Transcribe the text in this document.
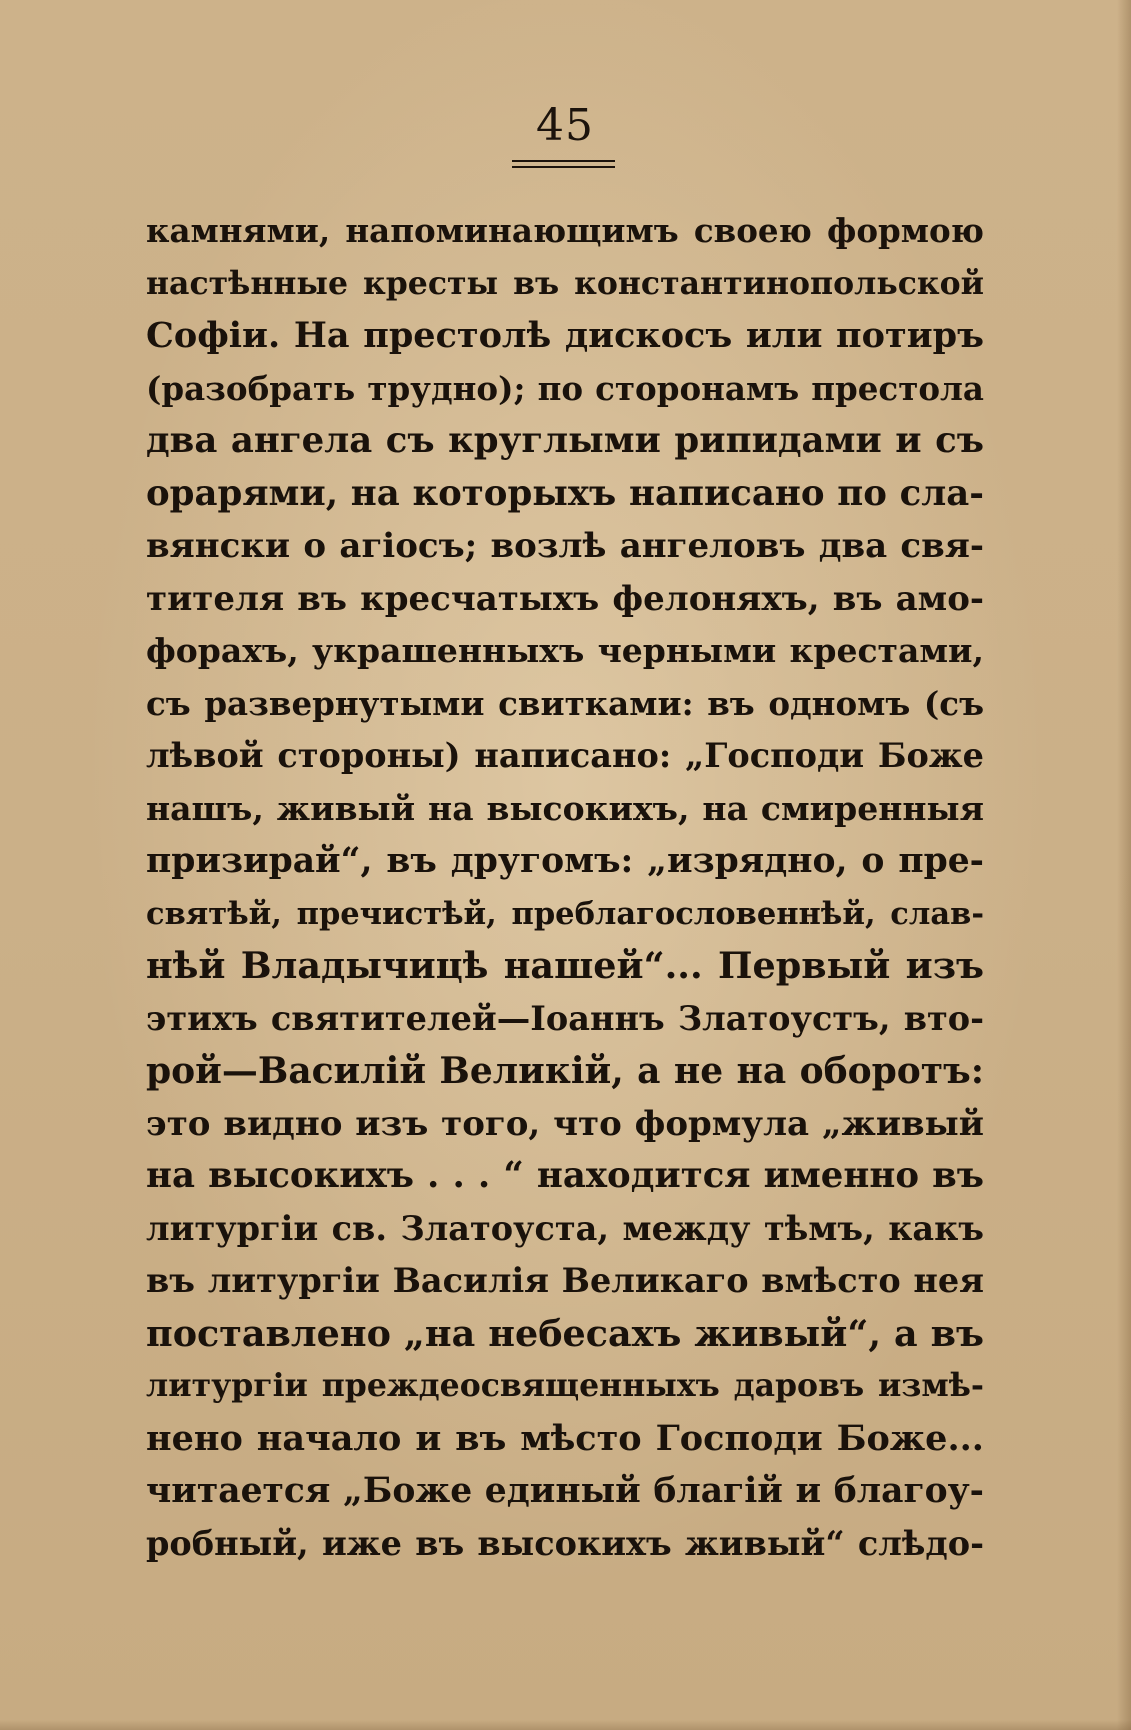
45
камнями, напоминающимъ своею формою
настѣнные кресты въ константинопольской
Софіи. На престолѣ дискосъ или потиръ
(разобрать трудно); по сторонамъ престола
два ангела съ круглыми рипидами и съ
орарями, на которыхъ написано по сла-
вянски о агіосъ; возлѣ ангеловъ два свя-
тителя въ кресчатыхъ фелоняхъ, въ амо-
форахъ, украшенныхъ черными крестами,
съ развернутыми свитками: въ одномъ (съ
лѣвой стороны) написано: „Господи Боже
нашъ, живый на высокихъ, на смиренныя
призирай“, въ другомъ: „изрядно, о пре-
святѣй, пречистѣй, преблагословеннѣй, слав-
нѣй Владычицѣ нашей“... Первый изъ
этихъ святителей—Іоаннъ Златоустъ, вто-
рой—Василій Великій, а не на оборотъ:
это видно изъ того, что формула „живый
на высокихъ . . . “ находится именно въ
литургіи св. Златоуста, между тѣмъ, какъ
въ литургіи Василія Великаго вмѣсто нея
поставлено „на небесахъ живый“, а въ
литургіи преждеосвященныхъ даровъ измѣ-
нено начало и въ мѣсто Господи Боже...
читается „Боже единый благій и благоу-
робный, иже въ высокихъ живый“ слѣдо-
